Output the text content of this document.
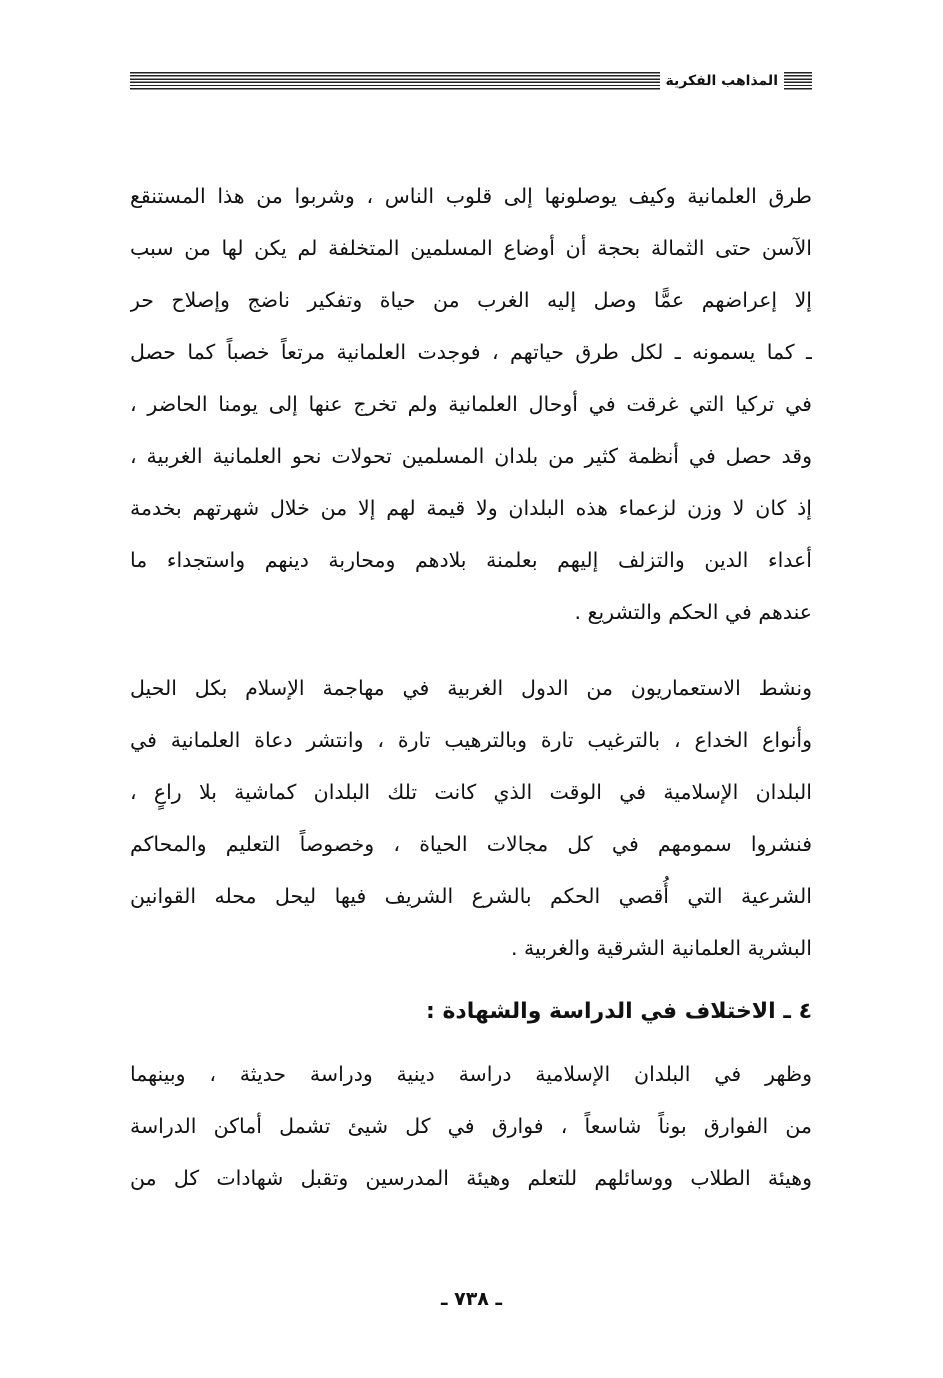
المذاهب الفكرية
طرق العلمانية وكيف يوصلونها إلى قلوب الناس ، وشربوا من هذا المستنقع
الآسن حتى الثمالة بحجة أن أوضاع المسلمين المتخلفة لم يكن لها من سبب
إلا إعراضهم عمًّا وصل إليه الغرب من حياة وتفكير ناضج وإصلاح حر
ـ كما يسمونه ـ لكل طرق حياتهم ، فوجدت العلمانية مرتعاً خصباً كما حصل
في تركيا التي غرقت في أوحال العلمانية ولم تخرج عنها إلى يومنا الحاضر ،
وقد حصل في أنظمة كثير من بلدان المسلمين تحولات نحو العلمانية الغربية ،
إذ كان لا وزن لزعماء هذه البلدان ولا قيمة لهم إلا من خلال شهرتهم بخدمة
أعداء الدين والتزلف إليهم بعلمنة بلادهم ومحاربة دينهم واستجداء ما
عندهم في الحكم والتشريع .
ونشط الاستعماريون من الدول الغربية في مهاجمة الإسلام بكل الحيل
وأنواع الخداع ، بالترغيب تارة وبالترهيب تارة ، وانتشر دعاة العلمانية في
البلدان الإسلامية في الوقت الذي كانت تلك البلدان كماشية بلا راعٍ ،
فنشروا سمومهم في كل مجالات الحياة ، وخصوصاً التعليم والمحاكم
الشرعية التي أُقصي الحكم بالشرع الشريف فيها ليحل محله القوانين
البشرية العلمانية الشرقية والغربية .
٤ ـ الاختلاف في الدراسة والشهادة :
وظهر في البلدان الإسلامية دراسة دينية ودراسة حديثة ، وبينهما
من الفوارق بوناً شاسعاً ، فوارق في كل شيئ تشمل أماكن الدراسة
وهيئة الطلاب ووسائلهم للتعلم وهيئة المدرسين وتقبل شهادات كل من
ـ ٧٣٨ ـ
